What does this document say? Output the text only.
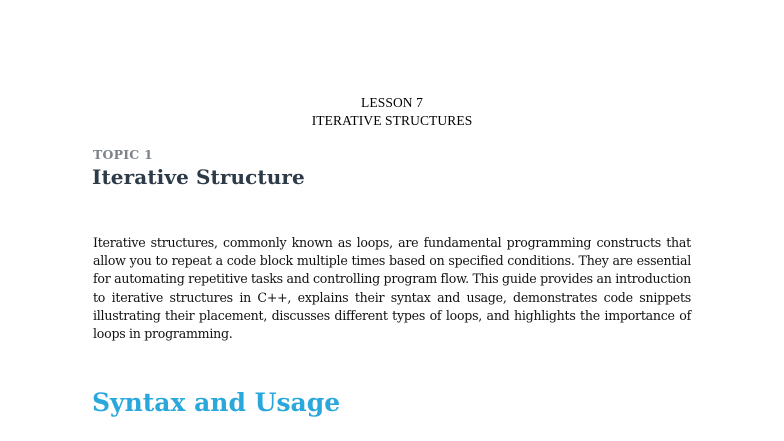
LESSON 7
ITERATIVE STRUCTURES
TOPIC 1
Iterative Structure

Iterative structures, commonly known as loops, are fundamental programming constructs that allow you to repeat a code block multiple times based on specified conditions. They are essential for automating repetitive tasks and controlling program flow. This guide provides an introduction to iterative structures in C++, explains their syntax and usage, demonstrates code snippets illustrating their placement, discusses different types of loops, and highlights the importance of loops in programming.

Syntax and Usage
